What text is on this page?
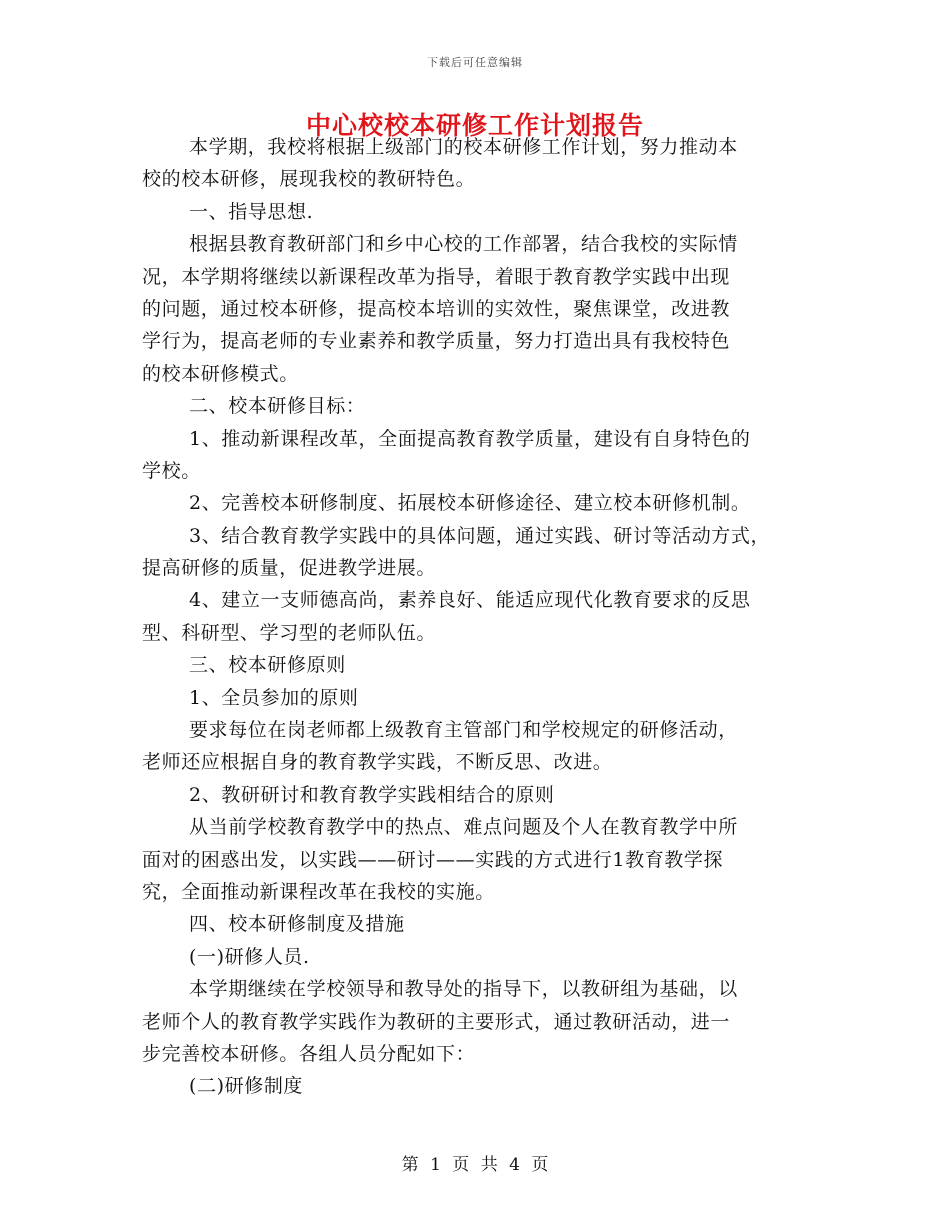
下载后可任意编辑
中心校校本研修工作计划报告
本学期，我校将根据上级部门的校本研修工作计划，努力推动本
校的校本研修，展现我校的教研特色。
一、指导思想.
根据县教育教研部门和乡中心校的工作部署，结合我校的实际情
况，本学期将继续以新课程改革为指导，着眼于教育教学实践中出现
的问题，通过校本研修，提高校本培训的实效性，聚焦课堂，改进教
学行为，提高老师的专业素养和教学质量，努力打造出具有我校特色
的校本研修模式。
二、校本研修目标：
1、推动新课程改革，全面提高教育教学质量，建设有自身特色的
学校。
2、完善校本研修制度、拓展校本研修途径、建立校本研修机制。
3、结合教育教学实践中的具体问题，通过实践、研讨等活动方式，
提高研修的质量，促进教学进展。
4、建立一支师德高尚，素养良好、能适应现代化教育要求的反思
型、科研型、学习型的老师队伍。
三、校本研修原则
1、全员参加的原则
要求每位在岗老师都上级教育主管部门和学校规定的研修活动，
老师还应根据自身的教育教学实践，不断反思、改进。
2、教研研讨和教育教学实践相结合的原则
从当前学校教育教学中的热点、难点问题及个人在教育教学中所
面对的困惑出发，以实践——研讨——实践的方式进行1教育教学探
究，全面推动新课程改革在我校的实施。
四、校本研修制度及措施
(一)研修人员.
本学期继续在学校领导和教导处的指导下，以教研组为基础，以
老师个人的教育教学实践作为教研的主要形式，通过教研活动，进一
步完善校本研修。各组人员分配如下：
(二)研修制度
第 1 页 共 4 页
